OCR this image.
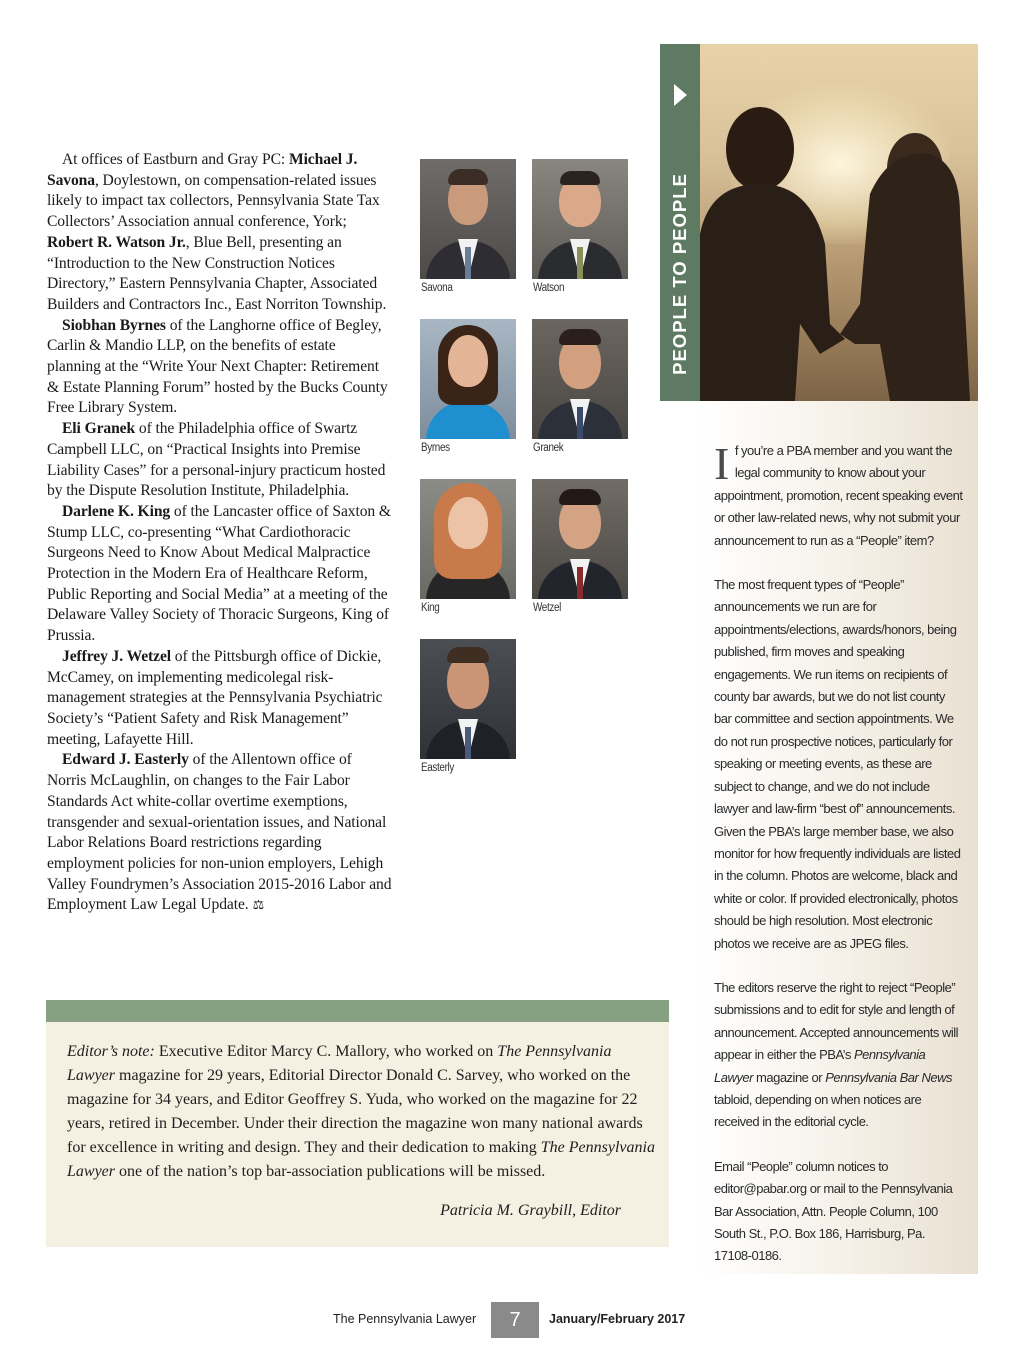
At offices of Eastburn and Gray PC: Michael J. Savona, Doylestown, on compensation-related issues likely to impact tax collectors, Pennsylvania State Tax Collectors’ Association annual conference, York; Robert R. Watson Jr., Blue Bell, presenting an “Introduction to the New Construction Notices Directory,” Eastern Pennsylvania Chapter, Associated Builders and Contractors Inc., East Norriton Township.

Siobhan Byrnes of the Langhorne office of Begley, Carlin & Mandio LLP, on the benefits of estate planning at the “Write Your Next Chapter: Retirement & Estate Planning Forum” hosted by the Bucks County Free Library System.

Eli Granek of the Philadelphia office of Swartz Campbell LLC, on “Practical Insights into Premise Liability Cases” for a personal-injury practicum hosted by the Dispute Resolution Institute, Philadelphia.

Darlene K. King of the Lancaster office of Saxton & Stump LLC, co-presenting “What Cardiothoracic Surgeons Need to Know About Medical Malpractice Protection in the Modern Era of Healthcare Reform, Public Reporting and Social Media” at a meeting of the Delaware Valley Society of Thoracic Surgeons, King of Prussia.

Jeffrey J. Wetzel of the Pittsburgh office of Dickie, McCamey, on implementing medicolegal risk-management strategies at the Pennsylvania Psychiatric Society’s “Patient Safety and Risk Management” meeting, Lafayette Hill.

Edward J. Easterly of the Allentown office of Norris McLaughlin, on changes to the Fair Labor Standards Act white-collar overtime exemptions, transgender and sexual-orientation issues, and National Labor Relations Board restrictions regarding employment policies for non-union employers, Lehigh Valley Foundrymen’s Association 2015-2016 Labor and Employment Law Legal Update. ⚖

Savona	Watson
Byrnes	Granek
King	Wetzel
Easterly
PEOPLE TO PEOPLE

If you’re a PBA member and you want the legal community to know about your appointment, promotion, recent speaking event or other law-related news, why not submit your announcement to run as a “People” item?

The most frequent types of “People” announcements we run are for appointments/elections, awards/honors, being published, firm moves and speaking engagements. We run items on recipients of county bar awards, but we do not list county bar committee and section appointments. We do not run prospective notices, particularly for speaking or meeting events, as these are subject to change, and we do not include lawyer and law-firm “best of” announcements. Given the PBA’s large member base, we also monitor for how frequently individuals are listed in the column. Photos are welcome, black and white or color. If provided electronically, photos should be high resolution. Most electronic photos we receive are as JPEG files.

The editors reserve the right to reject “People” submissions and to edit for style and length of announcement. Accepted announcements will appear in either the PBA’s Pennsylvania Lawyer magazine or Pennsylvania Bar News tabloid, depending on when notices are received in the editorial cycle.

Email “People” column notices to editor@pabar.org or mail to the Pennsylvania Bar Association, Attn. People Column, 100 South St., P.O. Box 186, Harrisburg, Pa. 17108-0186.

Editor’s note: Executive Editor Marcy C. Mallory, who worked on The Pennsylvania Lawyer magazine for 29 years, Editorial Director Donald C. Sarvey, who worked on the magazine for 34 years, and Editor Geoffrey S. Yuda, who worked on the magazine for 22 years, retired in December. Under their direction the magazine won many national awards for excellence in writing and design. They and their dedication to making The Pennsylvania Lawyer one of the nation’s top bar-association publications will be missed.
Patricia M. Graybill, Editor
The Pennsylvania Lawyer	7	January/February 2017
